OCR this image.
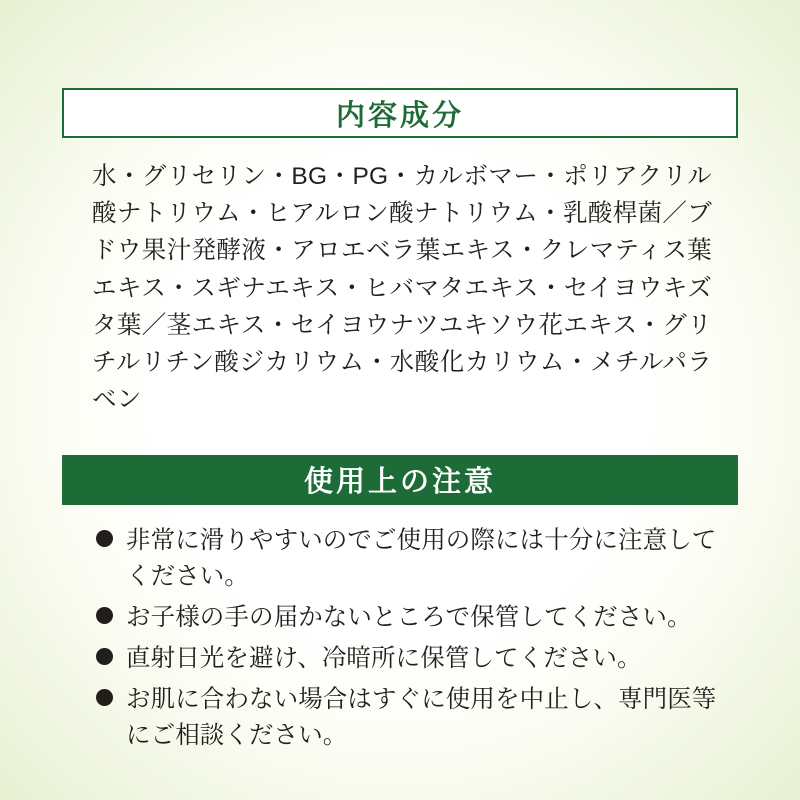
内容成分

水・グリセリン・BG・PG・カルボマー・ポリアクリル酸ナトリウム・ヒアルロン酸ナトリウム・乳酸桿菌／ブドウ果汁発酵液・アロエベラ葉エキス・クレマティス葉エキス・スギナエキス・ヒバマタエキス・セイヨウキズタ葉／茎エキス・セイヨウナツユキソウ花エキス・グリチルリチン酸ジカリウム・水酸化カリウム・メチルパラベン

使用上の注意
非常に滑りやすいのでご使用の際には十分に注意してください。
お子様の手の届かないところで保管してください。
直射日光を避け、冷暗所に保管してください。
お肌に合わない場合はすぐに使用を中止し、専門医等にご相談ください。
